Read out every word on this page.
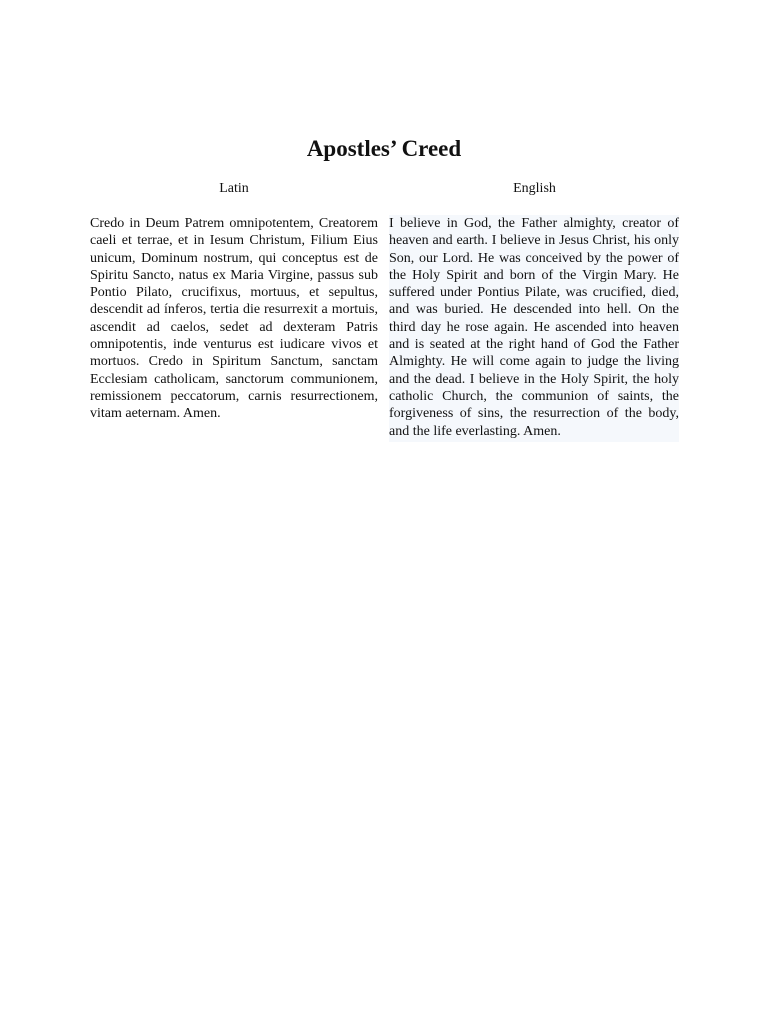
Apostles’ Creed
Latin	English

Credo in Deum Patrem omnipotentem, Creatorem caeli et terrae, et in Iesum Christum, Filium Eius unicum, Dominum nostrum, qui conceptus est de Spiritu Sancto, natus ex Maria Virgine, passus sub Pontio Pilato, crucifixus, mortuus, et sepultus, descendit ad ínferos, tertia die resurrexit a mortuis, ascendit ad caelos, sedet ad dexteram Patris omnipotentis, inde venturus est iudicare vivos et mortuos. Credo in Spiritum Sanctum, sanctam Ecclesiam catholicam, sanctorum communionem, remissionem peccatorum, carnis resurrectionem, vitam aeternam. Amen.

I believe in God, the Father almighty, creator of heaven and earth. I believe in Jesus Christ, his only Son, our Lord. He was conceived by the power of the Holy Spirit and born of the Virgin Mary. He suffered under Pontius Pilate, was crucified, died, and was buried. He descended into hell. On the third day he rose again. He ascended into heaven and is seated at the right hand of God the Father Almighty. He will come again to judge the living and the dead. I believe in the Holy Spirit, the holy catholic Church, the communion of saints, the forgiveness of sins, the resurrection of the body, and the life everlasting. Amen.
